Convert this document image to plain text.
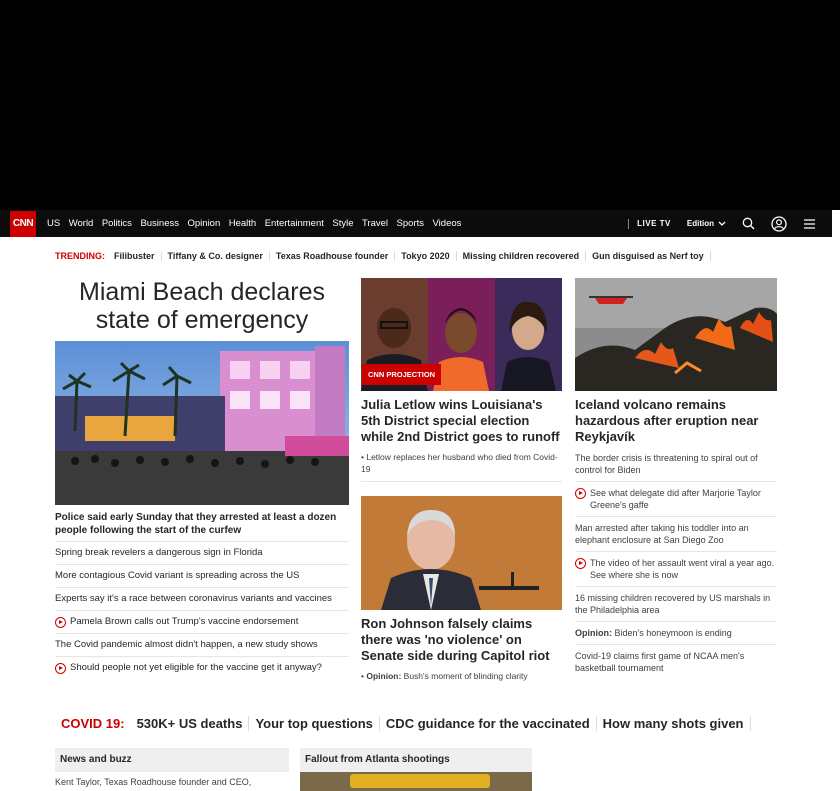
CNN	US World Politics Business Opinion Health Entertainment Style Travel Sports Videos	LIVE TV Edition
TRENDING:	Filibuster	Tiffany & Co. designer	Texas Roadhouse founder	Tokyo 2020	Missing children recovered	Gun disguised as Nerf toy
Miami Beach declares state of emergency
Police said early Sunday that they arrested at least a dozen people following the start of the curfew
Spring break revelers a dangerous sign in Florida
More contagious Covid variant is spreading across the US
Experts say it's a race between coronavirus variants and vaccines
Pamela Brown calls out Trump's vaccine endorsement
The Covid pandemic almost didn't happen, a new study shows
Should people not yet eligible for the vaccine get it anyway?
CNN PROJECTION
Julia Letlow wins Louisiana's 5th District special election while 2nd District goes to runoff
• Letlow replaces her husband who died from Covid-19
Ron Johnson falsely claims there was 'no violence' on Senate side during Capitol riot
• Opinion: Bush's moment of blinding clarity
Iceland volcano remains hazardous after eruption near Reykjavík
The border crisis is threatening to spiral out of control for Biden
See what delegate did after Marjorie Taylor Greene's gaffe
Man arrested after taking his toddler into an elephant enclosure at San Diego Zoo
The video of her assault went viral a year ago. See where she is now
16 missing children recovered by US marshals in the Philadelphia area
Opinion: Biden's honeymoon is ending
Covid-19 claims first game of NCAA men's basketball tournament
COVID 19: 530K+ US deaths	Your top questions	CDC guidance for the vaccinated	How many shots given
News and buzz
Kent Taylor, Texas Roadhouse founder and CEO,
Fallout from Atlanta shootings
